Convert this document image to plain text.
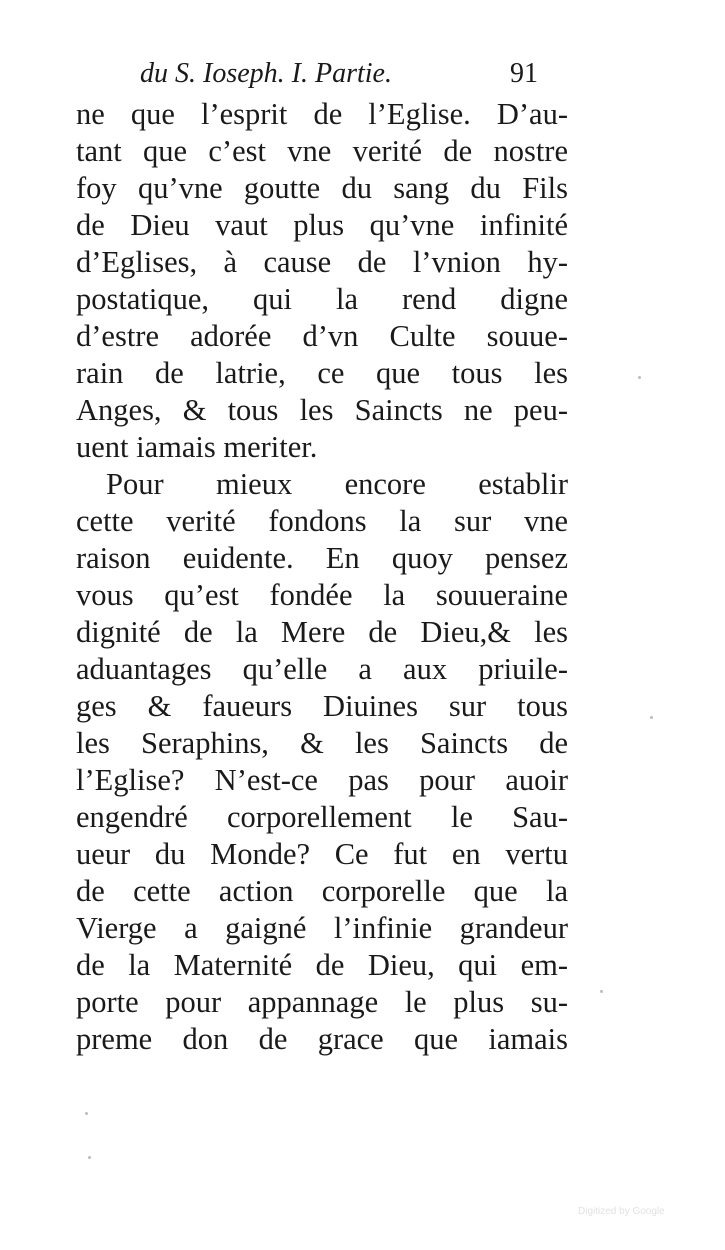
du S. Ioseph. I. Partie.	91
ne que l’esprit de l’Eglise. D’au-
tant que c’est vne verité de nostre
foy qu’vne goutte du sang du Fils
de Dieu vaut plus qu’vne infinité
d’Eglises, à cause de l’vnion hy-
postatique, qui la rend digne
d’estre adorée d’vn Culte souue-
rain de latrie, ce que tous les
Anges, & tous les Saincts ne peu-
uent iamais meriter.
Pour mieux encore establir
cette verité fondons la sur vne
raison euidente. En quoy pensez
vous qu’est fondée la souueraine
dignité de la Mere de Dieu,& les
aduantages qu’elle a aux priuile-
ges & faueurs Diuines sur tous
les Seraphins, & les Saincts de
l’Eglise? N’est-ce pas pour auoir
engendré corporellement le Sau-
ueur du Monde? Ce fut en vertu
de cette action corporelle que la
Vierge a gaigné l’infinie grandeur
de la Maternité de Dieu, qui em-
porte pour appannage le plus su-
preme don de grace que iamais
Digitized by Google
